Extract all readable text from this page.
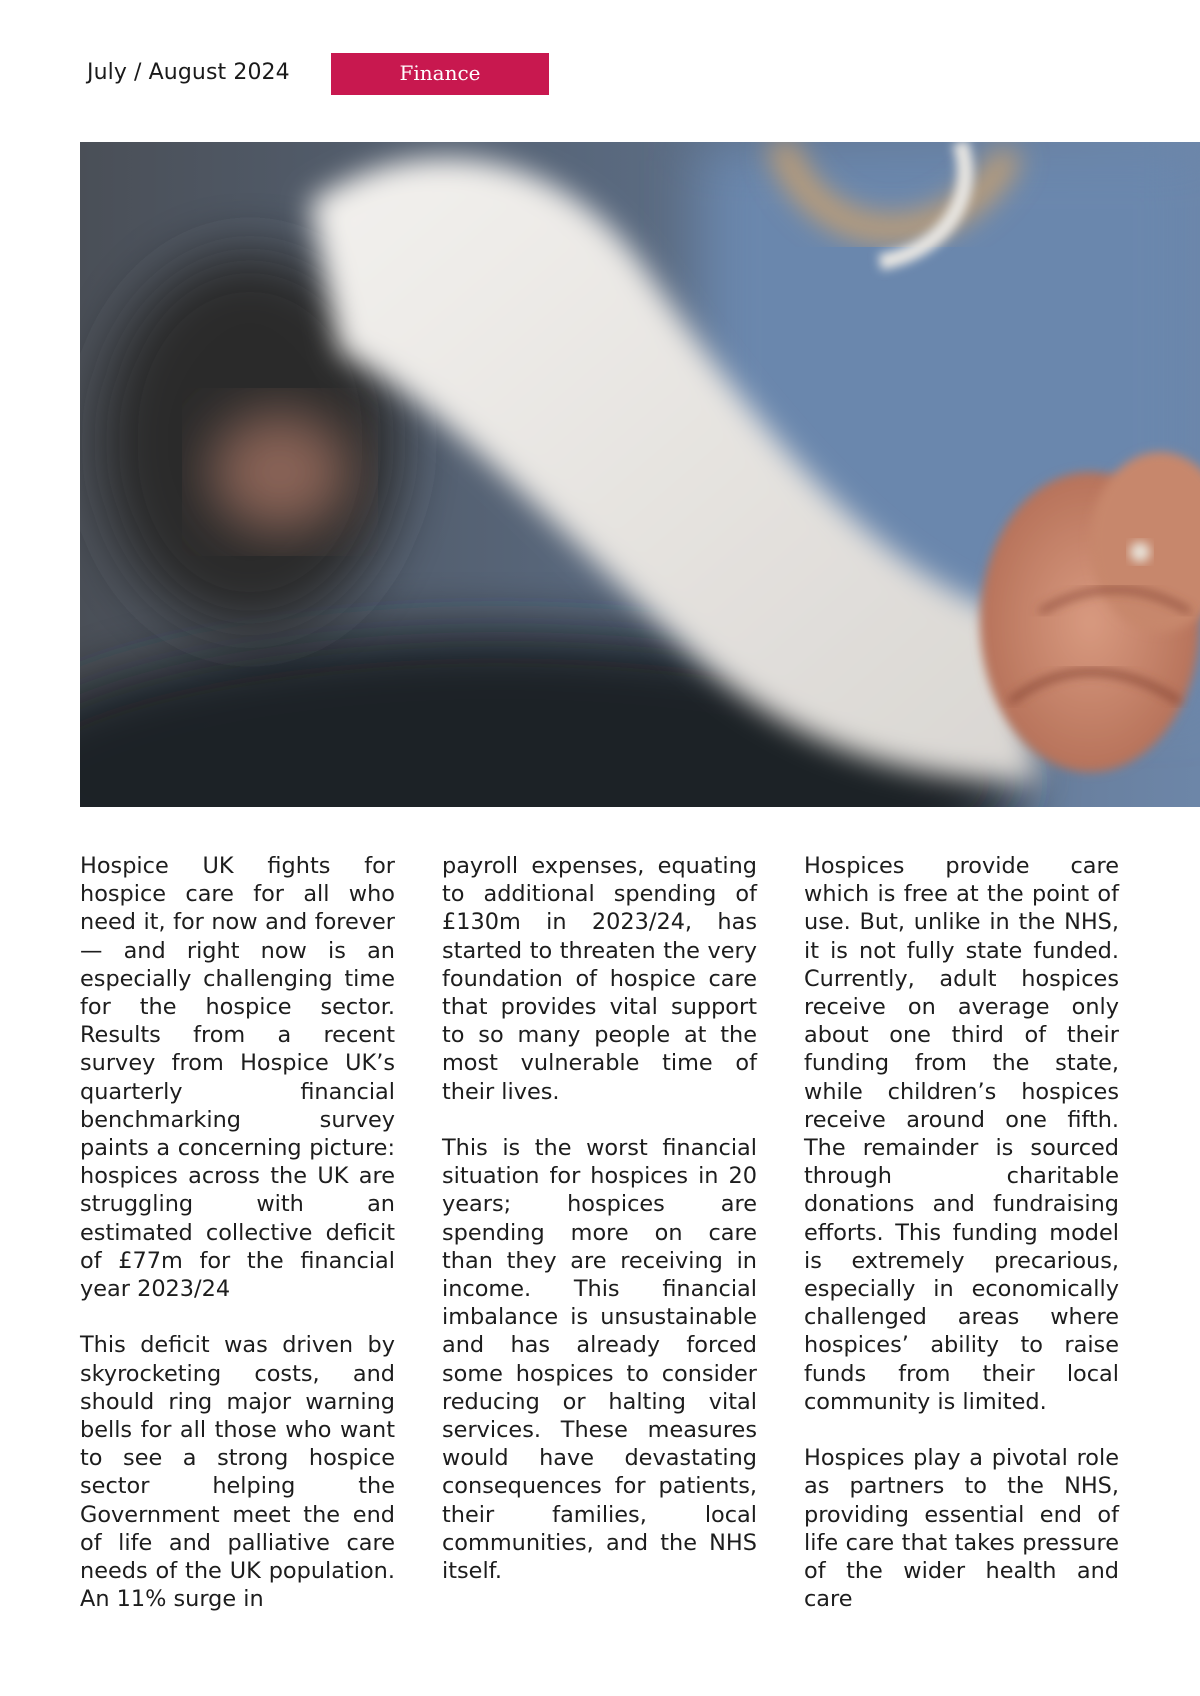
July / August 2024	Finance

Hospice UK fights for hospice care for all who need it, for now and forever — and right now is an especially challenging time for the hospice sector. Results from a recent survey from Hospice UK’s quarterly financial benchmarking survey paints a concerning picture: hospices across the UK are struggling with an estimated collective deficit of £77m for the financial year 2023/24

This deficit was driven by skyrocketing costs, and should ring major warning bells for all those who want to see a strong hospice sector helping the Government meet the end of life and palliative care needs of the UK population. An 11% surge in

payroll expenses, equating to additional spending of £130m in 2023/24, has started to threaten the very foundation of hospice care that provides vital support to so many people at the most vulnerable time of their lives.

This is the worst financial situation for hospices in 20 years; hospices are spending more on care than they are receiving in income. This financial imbalance is unsustainable and has already forced some hospices to consider reducing or halting vital services. These measures would have devastating consequences for patients, their families, local communities, and the NHS itself.

Hospices provide care which is free at the point of use. But, unlike in the NHS, it is not fully state funded. Currently, adult hospices receive on average only about one third of their funding from the state, while children’s hospices receive around one fifth. The remainder is sourced through charitable donations and fundraising efforts. This funding model is extremely precarious, especially in economically challenged areas where hospices’ ability to raise funds from their local community is limited.

Hospices play a pivotal role as partners to the NHS, providing essential end of life care that takes pressure of the wider health and care
